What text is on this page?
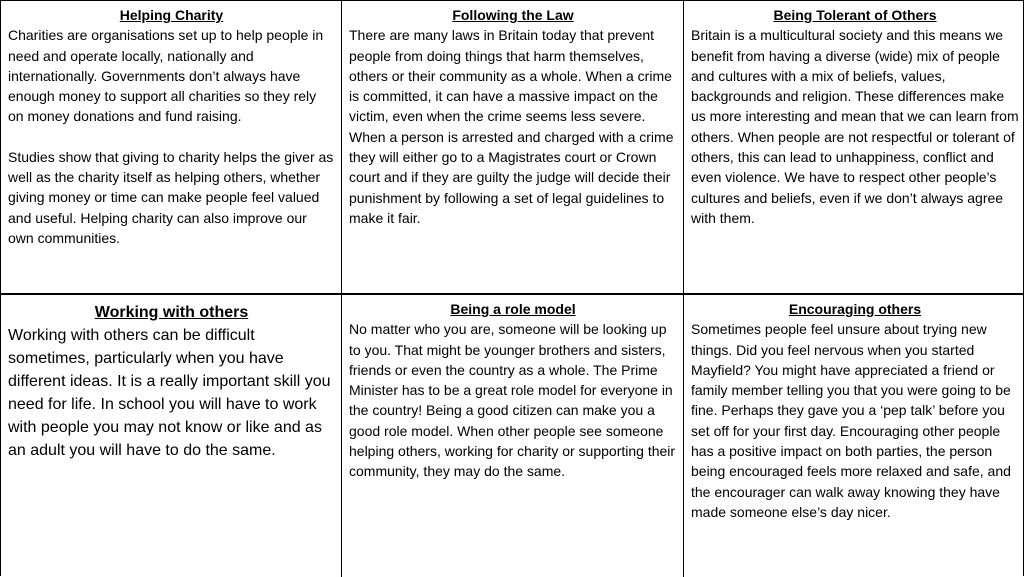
Helping Charity
Charities are organisations set up to help people in need and operate locally, nationally and internationally. Governments don’t always have enough money to support all charities so they rely on money donations and fund raising.
Studies show that giving to charity helps the giver as well as the charity itself as helping others, whether giving money or time can make people feel valued and useful. Helping charity can also improve our own communities.
Following the Law
There are many laws in Britain today that prevent people from doing things that harm themselves, others or their community as a whole. When a crime is committed, it can have a massive impact on the victim, even when the crime seems less severe. When a person is arrested and charged with a crime they will either go to a Magistrates court or Crown court and if they are guilty the judge will decide their punishment by following a set of legal guidelines to make it fair.
Being Tolerant of Others
Britain is a multicultural society and this means we benefit from having a diverse (wide) mix of people and cultures with a mix of beliefs, values, backgrounds and religion. These differences make us more interesting and mean that we can learn from others. When people are not respectful or tolerant of others, this can lead to unhappiness, conflict and even violence. We have to respect other people’s cultures and beliefs, even if we don’t always agree with them.
Working with others
Working with others can be difficult sometimes, particularly when you have different ideas. It is a really important skill you need for life. In school you will have to work with people you may not know or like and as an adult you will have to do the same.
Being a role model
No matter who you are, someone will be looking up to you. That might be younger brothers and sisters, friends or even the country as a whole. The Prime Minister has to be a great role model for everyone in the country! Being a good citizen can make you a good role model. When other people see someone helping others, working for charity or supporting their community, they may do the same.
Encouraging others
Sometimes people feel unsure about trying new things. Did you feel nervous when you started Mayfield? You might have appreciated a friend or family member telling you that you were going to be fine. Perhaps they gave you a ‘pep talk’ before you set off for your first day. Encouraging other people has a positive impact on both parties, the person being encouraged feels more relaxed and safe, and the encourager can walk away knowing they have made someone else’s day nicer.
